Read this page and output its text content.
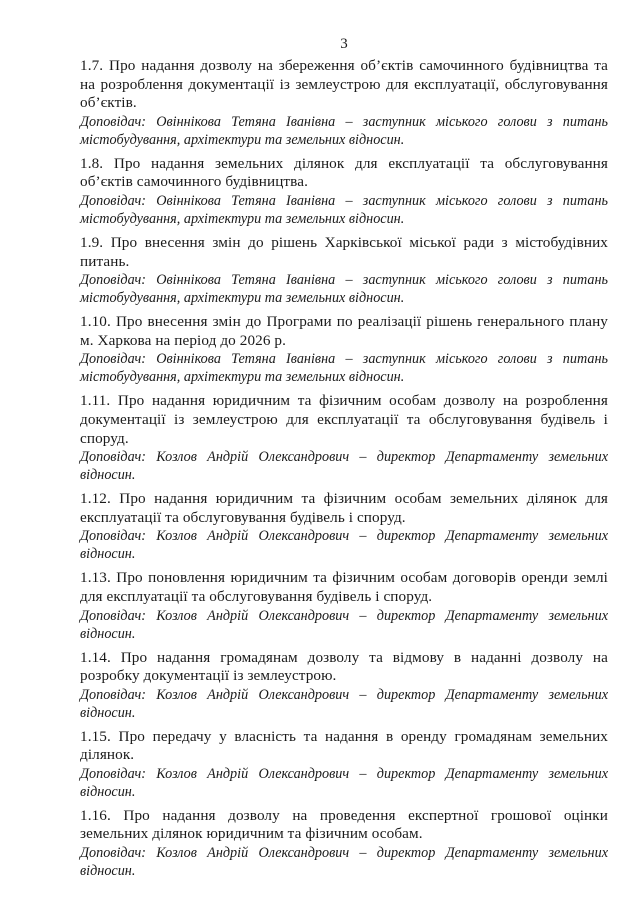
3

1.7. Про надання дозволу на збереження об’єктів самочинного будівництва та на розроблення документації із землеустрою для експлуатації, обслуговування об’єктів.

Доповідач: Овіннікова Тетяна Іванівна – заступник міського голови з питань містобудування, архітектури та земельних відносин.

1.8. Про надання земельних ділянок для експлуатації та обслуговування об’єктів самочинного будівництва.

Доповідач: Овіннікова Тетяна Іванівна – заступник міського голови з питань містобудування, архітектури та земельних відносин.

1.9. Про внесення змін до рішень Харківської міської ради з містобудівних питань.

Доповідач: Овіннікова Тетяна Іванівна – заступник міського голови з питань містобудування, архітектури та земельних відносин.

1.10. Про внесення змін до Програми по реалізації рішень генерального плану м. Харкова на період до 2026 р.

Доповідач: Овіннікова Тетяна Іванівна – заступник міського голови з питань містобудування, архітектури та земельних відносин.

1.11. Про надання юридичним та фізичним особам дозволу на розроблення документації із землеустрою для експлуатації та обслуговування будівель і споруд.

Доповідач: Козлов Андрій Олександрович – директор Департаменту земельних відносин.

1.12. Про надання юридичним та фізичним особам земельних ділянок для експлуатації та обслуговування будівель і споруд.

Доповідач: Козлов Андрій Олександрович – директор Департаменту земельних відносин.

1.13. Про поновлення юридичним та фізичним особам договорів оренди землі для експлуатації та обслуговування будівель і споруд.

Доповідач: Козлов Андрій Олександрович – директор Департаменту земельних відносин.

1.14. Про надання громадянам дозволу та відмову в наданні дозволу на розробку документації із землеустрою.

Доповідач: Козлов Андрій Олександрович – директор Департаменту земельних відносин.

1.15. Про передачу у власність та надання в оренду громадянам земельних ділянок.

Доповідач: Козлов Андрій Олександрович – директор Департаменту земельних відносин.

1.16. Про надання дозволу на проведення експертної грошової оцінки земельних ділянок юридичним та фізичним особам.

Доповідач: Козлов Андрій Олександрович – директор Департаменту земельних відносин.
